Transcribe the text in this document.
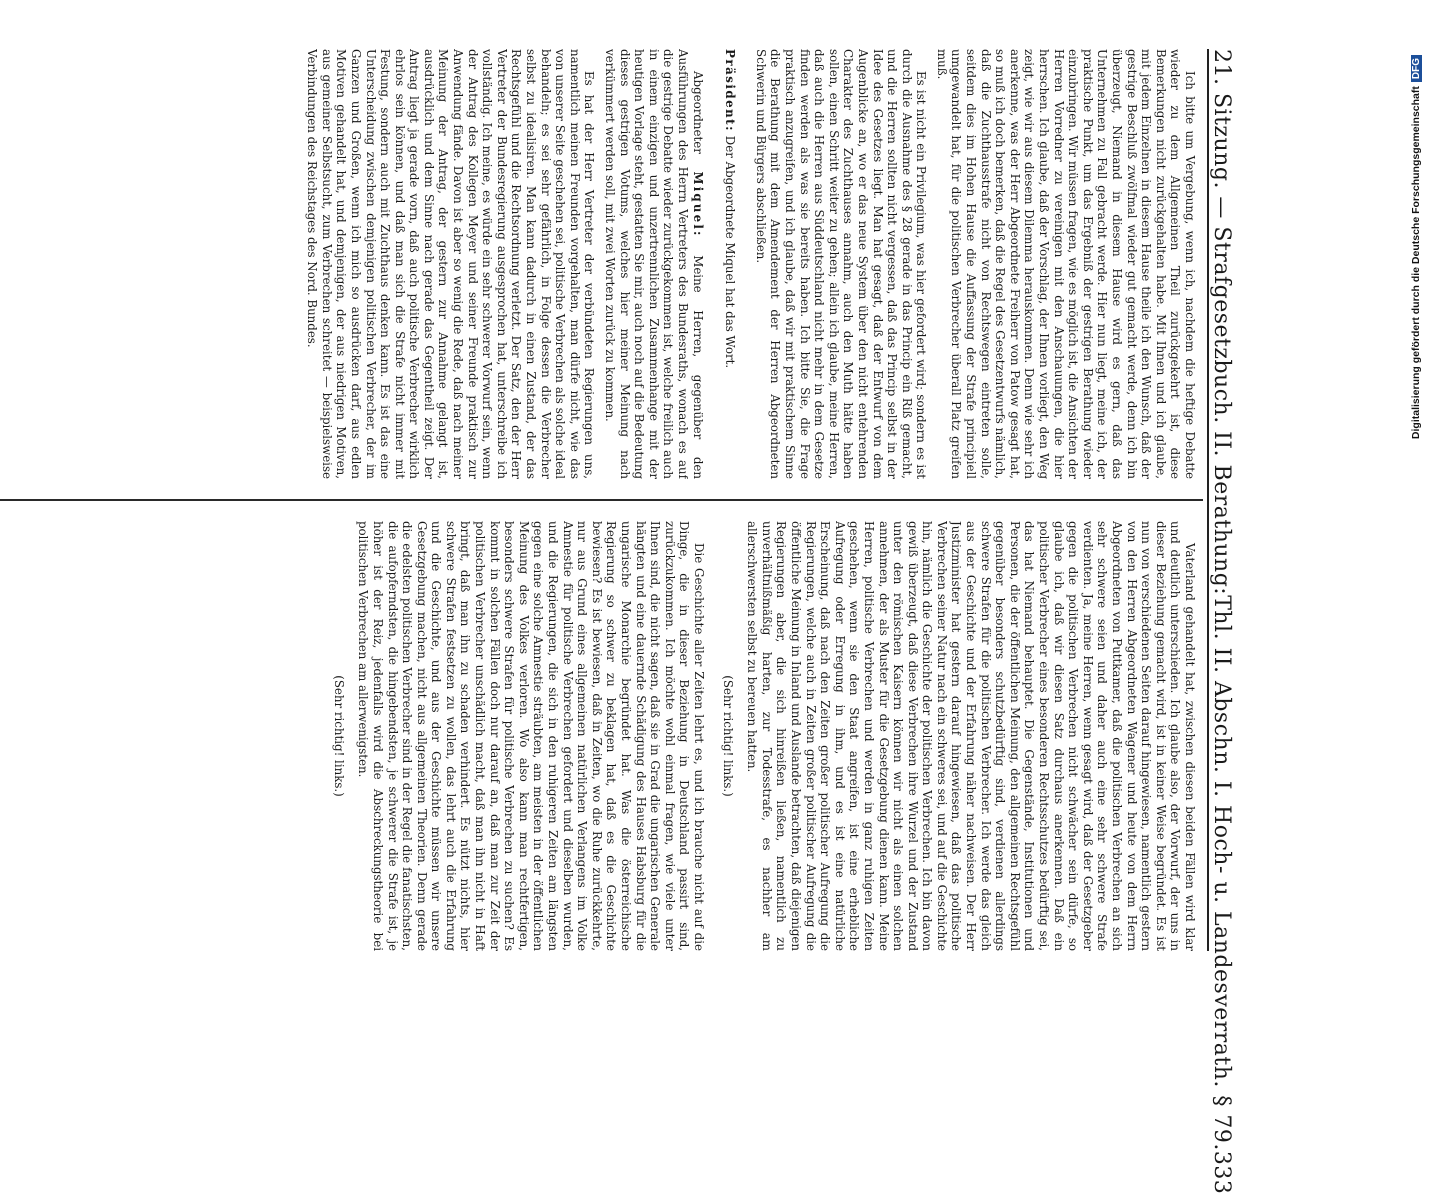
21. Sitzung. — Strafgesetzbuch. II. Berathung:
Thl. II. Abschn. I. Hoch- u. Landesverrath. § 79.
333

Ich bitte um Vergebung, wenn ich, nachdem die heftige Debatte wieder zu dem Allgemeinen Theil zurückgekehrt ist, diese Bemerkungen nicht zurückgehalten habe. Mit Ihnen und ich glaube, mit jedem Einzelnen in diesem Hause theile ich den Wunsch, daß der gestrige Beschluß zwölfmal wieder gut gemacht werde, denn ich bin überzeugt, Niemand in diesem Hause wird es gern, daß das Unternehmen zu Fall gebracht werde. Hier nun liegt, meine ich, der praktische Punkt, um das Ergebniß der gestrigen Berathung wieder einzubringen. Wir müssen fragen, wie es möglich ist, die Ansichten der Herren Vorredner zu vereinigen mit den Anschauungen, die hier herrschen. Ich glaube, daß der Vorschlag, der Ihnen vorliegt, den Weg zeigt, wie wir aus diesem Dilemma herauskommen. Denn wie sehr ich anerkenne, was der Herr Abgeordnete Freiherr von Patow gesagt hat, so muß ich doch bemerken, daß die Regel des Gesetzentwurfs nämlich, daß die Zuchthausstrafe nicht von Rechtswegen eintreten solle, seitdem dies im Hohen Hause die Auffassung der Strafe principiell umgewandelt hat, für die politischen Verbrecher überall Platz greifen muß.

Es ist nicht ein Privilegium, was hier gefordert wird; sondern es ist durch die Ausnahme des § 28 gerade in das Princip ein Riß gemacht, und die Herren sollten nicht vergessen, daß das Princip selbst in der Idee des Gesetzes liegt. Man hat gesagt, daß der Entwurf von dem Augenblicke an, wo er das neue System über den nicht entehrenden Charakter des Zuchthauses annahm, auch den Muth hätte haben sollen, einen Schritt weiter zu gehen; allein ich glaube, meine Herren, daß auch die Herren aus Süddeutschland nicht mehr in dem Gesetze finden werden als was sie bereits haben. Ich bitte Sie, die Frage praktisch anzugreifen, und ich glaube, daß wir mit praktischem Sinne die Berathung mit dem Amendement der Herren Abgeordneten Schwerin und Bürgers abschließen.

Präsident: Der Abgeordnete Miquel hat das Wort.

Abgeordneter Miquel: Meine Herren, gegenüber den Ausführungen des Herrn Vertreters des Bundesraths, wonach es auf die gestrige Debatte wieder zurückgekommen ist, welche freilich auch in einem einzigen und unzertrennlichen Zusammenhange mit der heutigen Vorlage steht, gestatten Sie mir, auch noch auf die Bedeutung dieses gestrigen Votums, welches hier meiner Meinung nach verkümmert werden soll, mit zwei Worten zurück zu kommen.

Es hat der Herr Vertreter der verbündeten Regierungen uns, namentlich meinen Freunden vorgehalten, man dürfe nicht, wie das von unserer Seite geschehen sei, politische Verbrechen als solche ideal behandeln; es sei sehr gefährlich, in Folge dessen die Verbrecher selbst zu idealisiren. Man kann dadurch in einen Zustand, der das Rechtsgefühl und die Rechtsordnung verletzt. Der Satz, den der Herr Vertreter der Bundesregierung ausgesprochen hat, unterschreibe ich vollständig. Ich meine, es würde ein sehr schwerer Vorwurf sein, wenn der Antrag des Kollegen Meyer und seiner Freunde praktisch zur Anwendung fände. Davon ist aber so wenig die Rede, daß nach meiner Meinung der Antrag, der gestern zur Annahme gelangt ist, ausdrücklich und dem Sinne nach gerade das Gegentheil zeigt. Der Antrag liegt ja gerade vorn, daß auch politische Verbrecher wirklich ehrlos sein können, und daß man sich die Strafe nicht immer mit Festung, sondern auch mit Zuchthaus denken kann. Es ist das eine Unterscheidung zwischen demjenigen politischen Verbrecher, der im Ganzen und Großen, wenn ich mich so ausdrücken darf, aus edlen Motiven gehandelt hat, und demjenigen, der aus niedrigen Motiven, aus gemeiner Selbstsucht, zum Verbrechen schreitet — beispielsweise Verbindungen des Reichstages des Nord. Bundes.

Vaterland gehandelt hat, zwischen diesen beiden Fällen wird klar und deutlich unterschieden. Ich glaube also, der Vorwurf, der uns in dieser Beziehung gemacht wird, ist in keiner Weise begründet. Es ist nun von verschiedenen Seiten darauf hingewiesen, namentlich gestern von den Herren Abgeordneten Wagener und heute von dem Herrn Abgeordneten von Puttkamer, daß die politischen Verbrechen an sich sehr schwere seien und daher auch eine sehr schwere Strafe verdienten. Ja, meine Herren, wenn gesagt wird, daß der Gesetzgeber gegen die politischen Verbrechen nicht schwächer sein dürfe, so glaube ich, daß wir diesen Satz durchaus anerkennen. Daß ein politischer Verbrecher eines besonderen Rechtsschutzes bedürftig sei, das hat Niemand behauptet. Die Gegenstände, Institutionen und Personen, die der öffentlichen Meinung, den allgemeinen Rechtsgefühl gegenüber besonders schutzbedürftig sind, verdienen allerdings schwere Strafen für die politischen Verbrecher. Ich werde das gleich aus der Geschichte und der Erfahrung näher nachweisen. Der Herr Justizminister hat gestern darauf hingewiesen, daß das politische Verbrechen seiner Natur nach ein schweres sei, und auf die Geschichte hin, nämlich die Geschichte der politischen Verbrechen. Ich bin davon gewiß überzeugt, daß diese Verbrechen ihre Wurzel und der Zustand unter den römischen Kaisern können wir nicht als einen solchen annehmen, der als Muster für die Gesetzgebung dienen kann. Meine Herren, politische Verbrechen und werden in ganz ruhigen Zeiten geschehen, wenn sie den Staat angreifen, ist eine erhebliche Aufregung oder Erregung in ihm, und es ist eine natürliche Erscheinung, daß nach den Zeiten großer politischer Aufregung die Regierungen, welche auch in Zeiten großer politischer Aufregung die öffentliche Meinung in Inland und Auslande betrachten, daß diejenigen Regierungen aber, die sich hinreißen ließen, namentlich zu unverhältnißmäßig harten, zur Todesstrafe, es nachher am allerschwersten selbst zu bereuen hatten.

(Sehr richtig! links.)

Die Geschichte aller Zeiten lehrt es, und ich brauche nicht auf die Dinge, die in dieser Beziehung in Deutschland passirt sind, zurückzukommen. Ich möchte wohl einmal fragen, wie viele unter Ihnen sind, die nicht sagen, daß sie in Grad die ungarischen Generale hängten und eine dauernde Schädigung des Hauses Habsburg für die ungarische Monarchie begründet hat. Was die österreichische Regierung so schwer zu beklagen hat, daß es die Geschichte bewiesen? Es ist bewiesen, daß in Zeiten, wo die Ruhe zurückkehrte, nur aus Grund eines allgemeinen natürlichen Verlangens im Volke Amnestie für politische Verbrechen gefordert und dieselben wurden, und die Regierungen, die sich in den ruhigeren Zeiten am längsten gegen eine solche Amnestie sträubten, am meisten in der öffentlichen Meinung des Volkes verloren. Wo also kann man rechtfertigen, besonders schwere Strafen für politische Verbrechen zu suchen? Es kommt in solchen Fällen doch nur darauf an, daß man zur Zeit der politischen Verbrecher unschädlich macht, daß man ihn nicht in Haft bringt, daß man ihn zu schaden verhindert. Es nützt nichts, hier schwere Strafen festsetzen zu wollen, das lehrt auch die Erfahrung und die Geschichte, und aus der Geschichte müssen wir unsere Gesetzgebung machen, nicht aus allgemeinen Theorien. Denn gerade die edelsten politischen Verbrecher sind in der Regel die fanatischsten, die aufopferndsten, die hingebendsten, je schwerer die Strafe ist, je höher ist der Reiz, jedenfalls wird die Abschreckungstheorie bei politischen Verbrechen am allerwenigsten.

(Sehr richtig! links.)

Digitalisierung gefördert durch die Deutsche ForschungsgemeinschaftDFG
